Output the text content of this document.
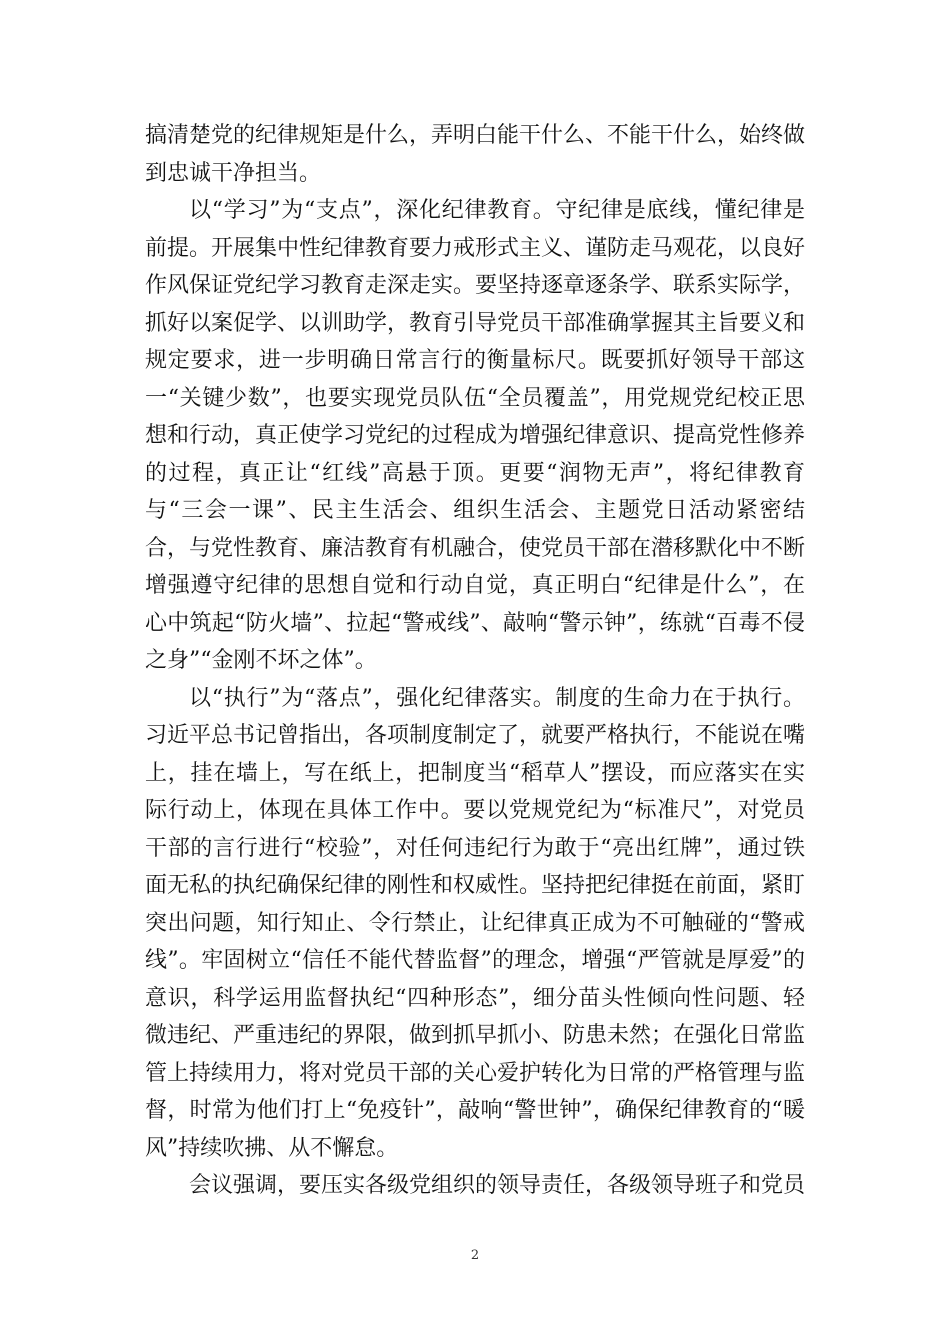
搞清楚党的纪律规矩是什么，弄明白能干什么、不能干什么，始终做到忠诚干净担当。

以“学习”为“支点”，深化纪律教育。守纪律是底线，懂纪律是前提。开展集中性纪律教育要力戒形式主义、谨防走马观花，以良好作风保证党纪学习教育走深走实。要坚持逐章逐条学、联系实际学，抓好以案促学、以训助学，教育引导党员干部准确掌握其主旨要义和规定要求，进一步明确日常言行的衡量标尺。既要抓好领导干部这一“关键少数”，也要实现党员队伍“全员覆盖”，用党规党纪校正思想和行动，真正使学习党纪的过程成为增强纪律意识、提高党性修养的过程，真正让“红线”高悬于顶。更要“润物无声”，将纪律教育与“三会一课”、民主生活会、组织生活会、主题党日活动紧密结合，与党性教育、廉洁教育有机融合，使党员干部在潜移默化中不断增强遵守纪律的思想自觉和行动自觉，真正明白“纪律是什么”，在心中筑起“防火墙”、拉起“警戒线”、敲响“警示钟”，练就“百毒不侵之身”“金刚不坏之体”。

以“执行”为“落点”，强化纪律落实。制度的生命力在于执行。习近平总书记曾指出，各项制度制定了，就要严格执行，不能说在嘴上，挂在墙上，写在纸上，把制度当“稻草人”摆设，而应落实在实际行动上，体现在具体工作中。要以党规党纪为“标准尺”，对党员干部的言行进行“校验”，对任何违纪行为敢于“亮出红牌”，通过铁面无私的执纪确保纪律的刚性和权威性。坚持把纪律挺在前面，紧盯突出问题，知行知止、令行禁止，让纪律真正成为不可触碰的“警戒线”。牢固树立“信任不能代替监督”的理念，增强“严管就是厚爱”的意识，科学运用监督执纪“四种形态”，细分苗头性倾向性问题、轻微违纪、严重违纪的界限，做到抓早抓小、防患未然；在强化日常监管上持续用力，将对党员干部的关心爱护转化为日常的严格管理与监督，时常为他们打上“免疫针”，敲响“警世钟”，确保纪律教育的“暖风”持续吹拂、从不懈怠。

会议强调，要压实各级党组织的领导责任，各级领导班子和党员

2
